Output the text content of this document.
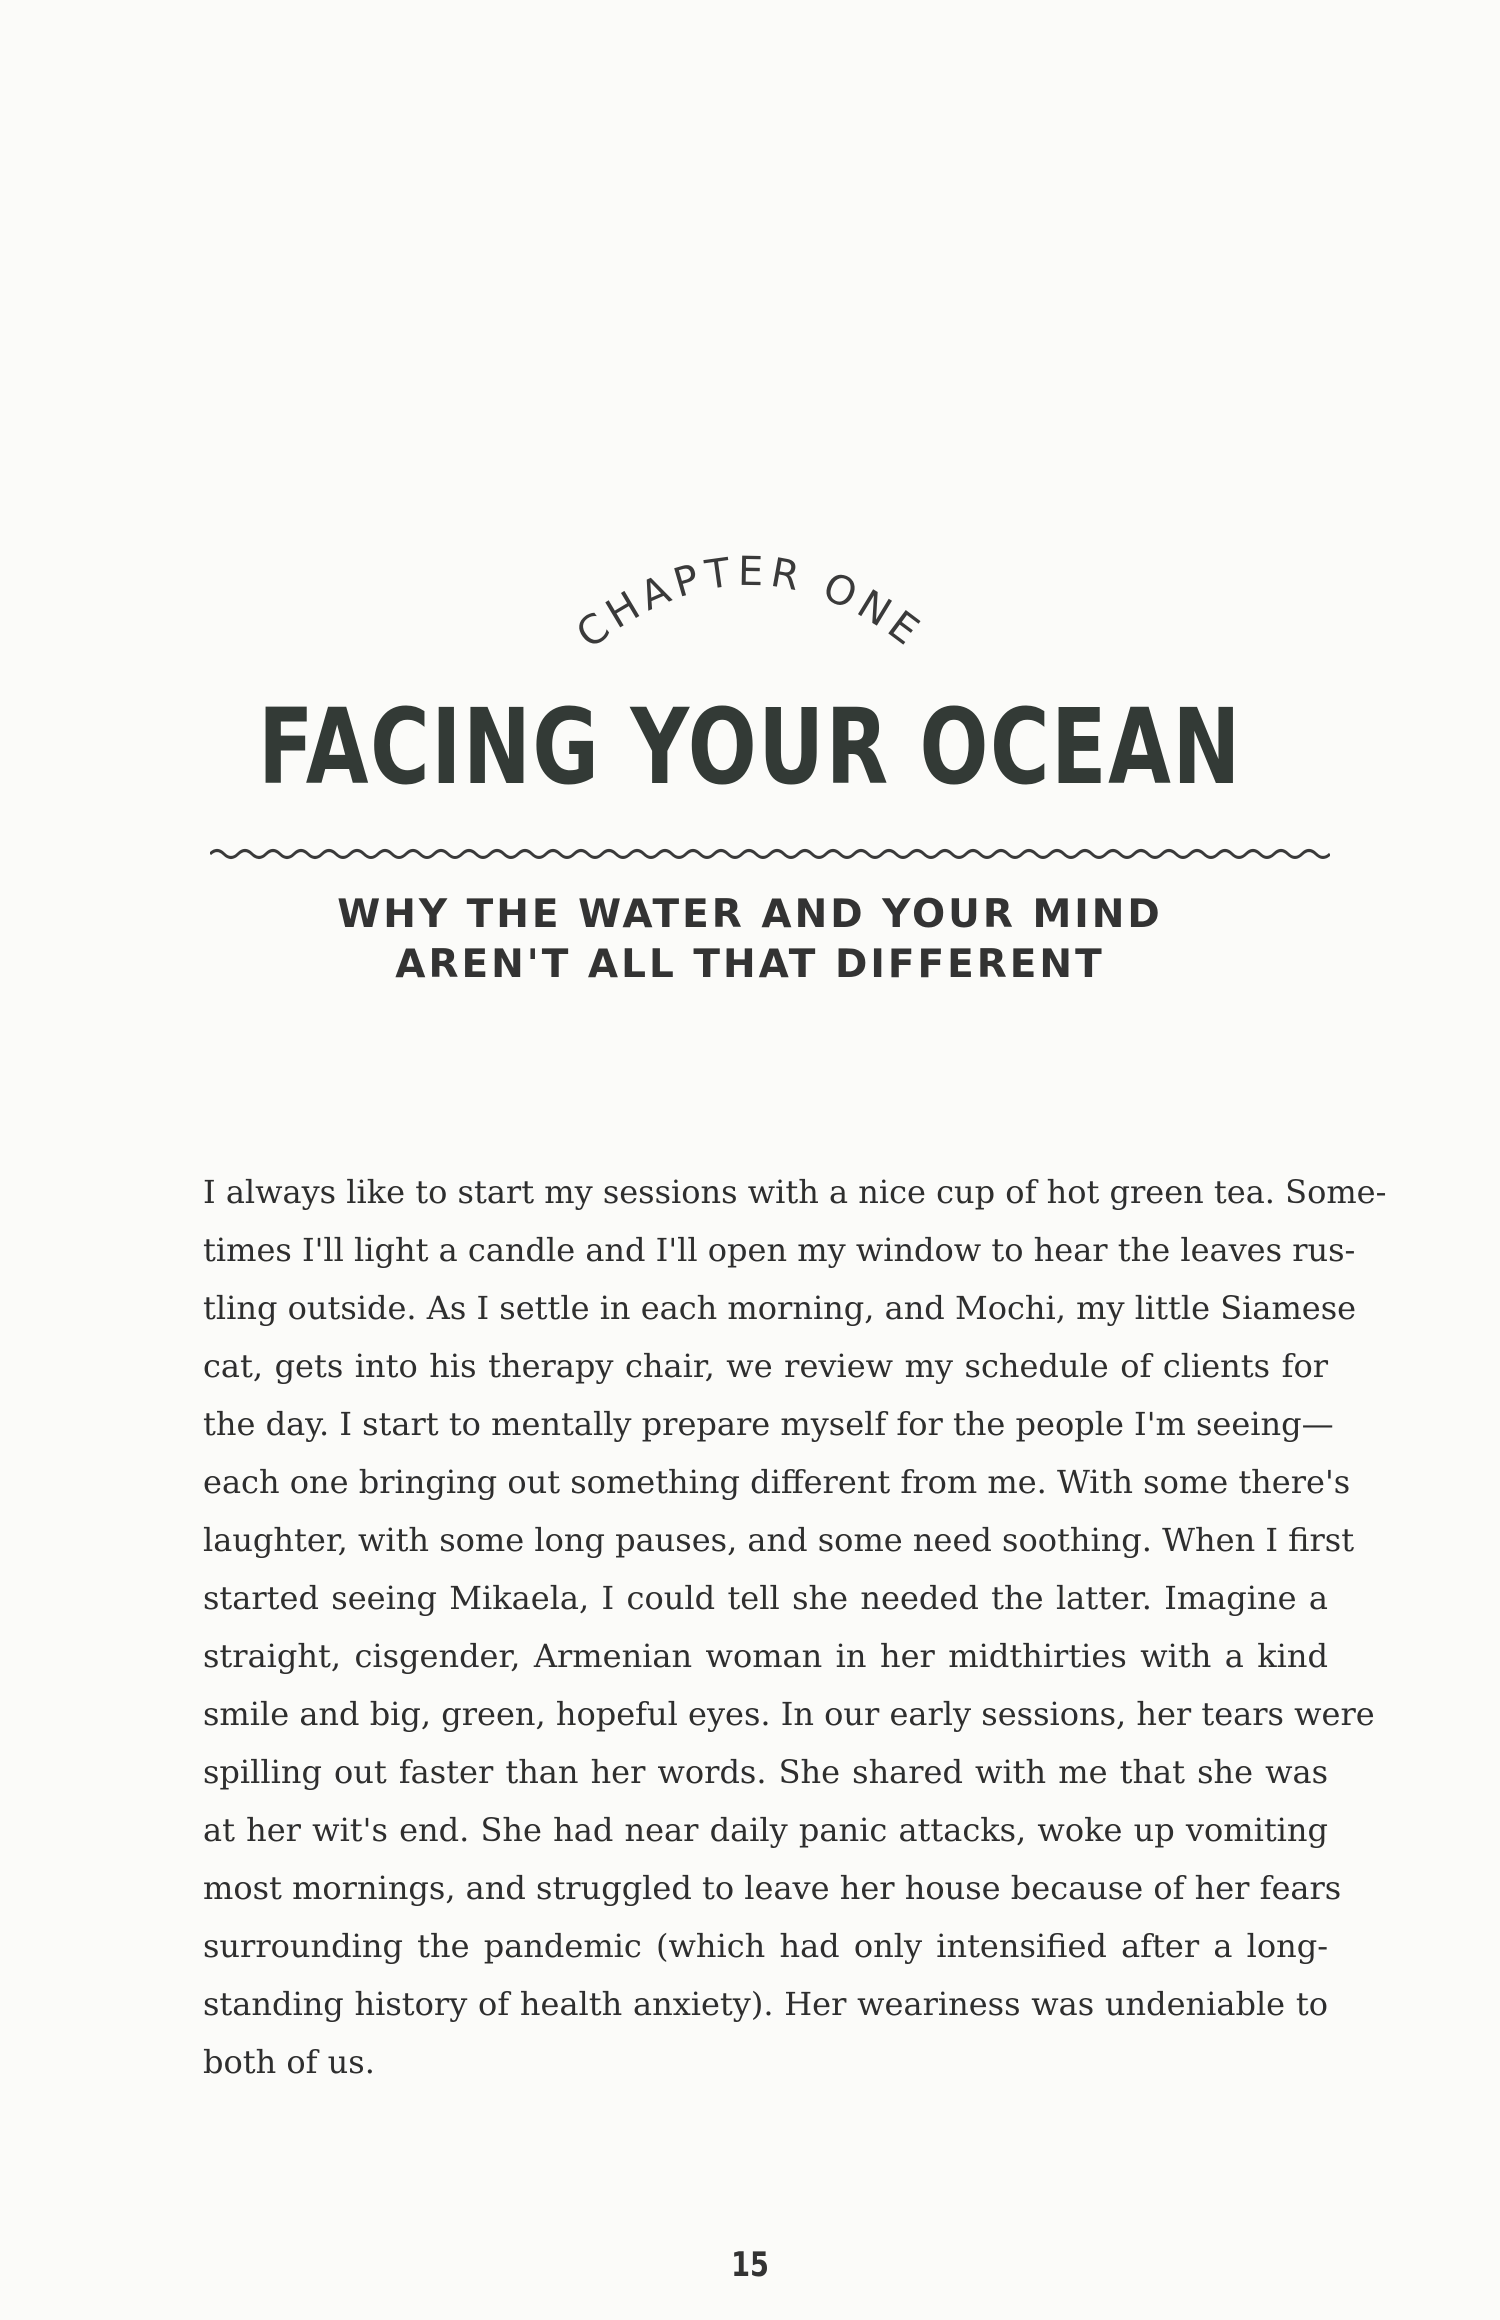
CHAPTER ONE
FACING YOUR OCEAN
WHY THE WATER AND YOUR MIND
AREN'T ALL THAT DIFFERENT
I always like to start my sessions with a nice cup of hot green tea. Some-
times I'll light a candle and I'll open my window to hear the leaves rus-
tling outside. As I settle in each morning, and Mochi, my little Siamese
cat, gets into his therapy chair, we review my schedule of clients for
the day. I start to mentally prepare myself for the people I'm seeing—
each one bringing out something different from me. With some there's
laughter, with some long pauses, and some need soothing. When I first
started seeing Mikaela, I could tell she needed the latter. Imagine a
straight, cisgender, Armenian woman in her midthirties with a kind
smile and big, green, hopeful eyes. In our early sessions, her tears were
spilling out faster than her words. She shared with me that she was
at her wit's end. She had near daily panic attacks, woke up vomiting
most mornings, and struggled to leave her house because of her fears
surrounding the pandemic (which had only intensified after a long-
standing history of health anxiety). Her weariness was undeniable to
both of us.
15
